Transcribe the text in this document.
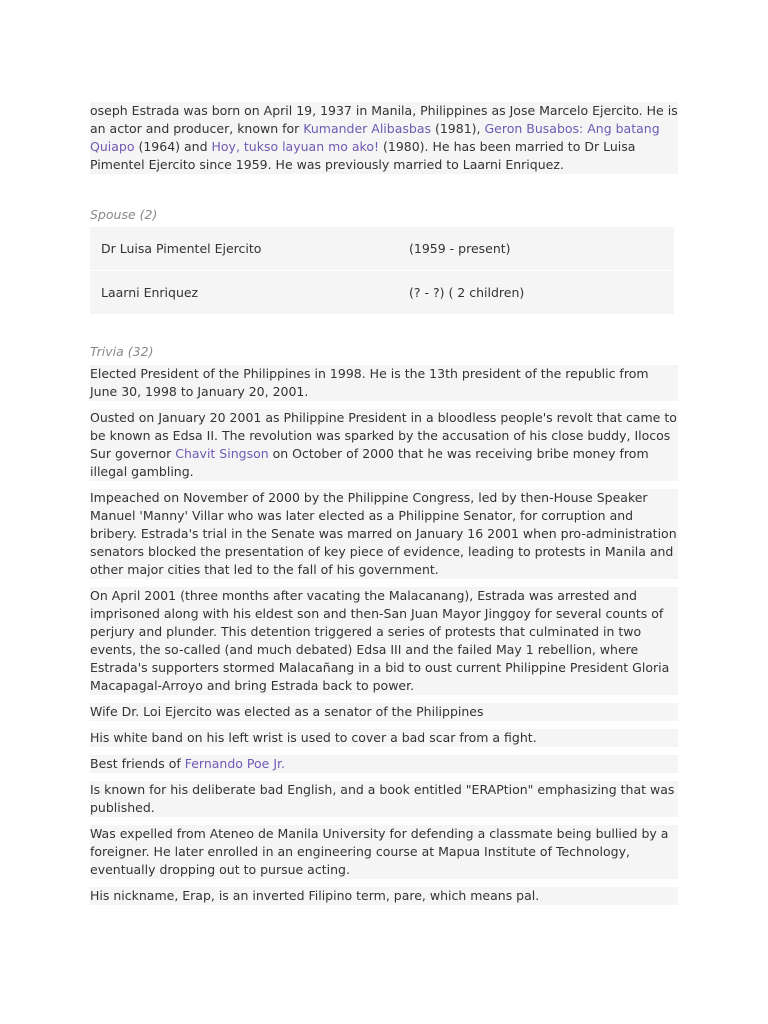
oseph Estrada was born on April 19, 1937 in Manila, Philippines as Jose Marcelo Ejercito. He is an actor and producer, known for Kumander Alibasbas (1981), Geron Busabos: Ang batang Quiapo (1964) and Hoy, tukso layuan mo ako! (1980). He has been married to Dr Luisa Pimentel Ejercito since 1959. He was previously married to Laarni Enriquez.

Spouse (2)

Dr Luisa Pimentel Ejercito	(1959 - present)
Laarni Enriquez	(? - ?) ( 2 children)

Trivia (32)

Elected President of the Philippines in 1998. He is the 13th president of the republic from June 30, 1998 to January 20, 2001.
Ousted on January 20 2001 as Philippine President in a bloodless people's revolt that came to be known as Edsa II. The revolution was sparked by the accusation of his close buddy, Ilocos Sur governor Chavit Singson on October of 2000 that he was receiving bribe money from illegal gambling.
Impeached on November of 2000 by the Philippine Congress, led by then-House Speaker Manuel 'Manny' Villar who was later elected as a Philippine Senator, for corruption and bribery. Estrada's trial in the Senate was marred on January 16 2001 when pro-administration senators blocked the presentation of key piece of evidence, leading to protests in Manila and other major cities that led to the fall of his government.
On April 2001 (three months after vacating the Malacanang), Estrada was arrested and imprisoned along with his eldest son and then-San Juan Mayor Jinggoy for several counts of perjury and plunder. This detention triggered a series of protests that culminated in two events, the so-called (and much debated) Edsa III and the failed May 1 rebellion, where Estrada's supporters stormed Malacañang in a bid to oust current Philippine President Gloria Macapagal-Arroyo and bring Estrada back to power.
Wife Dr. Loi Ejercito was elected as a senator of the Philippines
His white band on his left wrist is used to cover a bad scar from a fight.
Best friends of Fernando Poe Jr.
Is known for his deliberate bad English, and a book entitled "ERAPtion" emphasizing that was published.
Was expelled from Ateneo de Manila University for defending a classmate being bullied by a foreigner. He later enrolled in an engineering course at Mapua Institute of Technology, eventually dropping out to pursue acting.
His nickname, Erap, is an inverted Filipino term, pare, which means pal.
